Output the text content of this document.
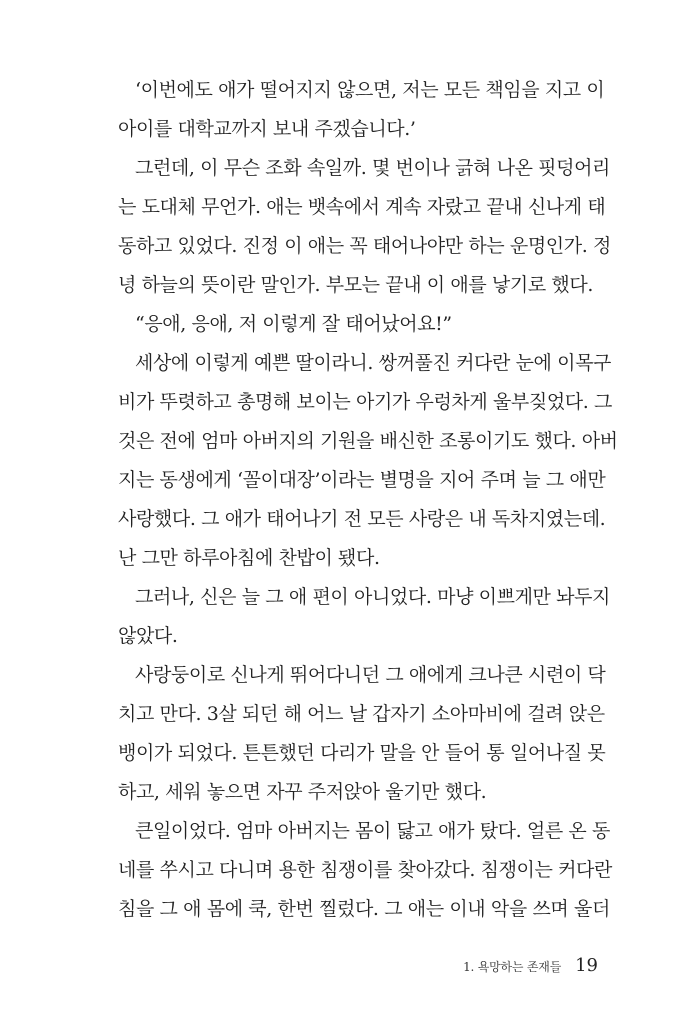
‘이번에도 애가 떨어지지 않으면, 저는 모든 책임을 지고 이
아이를 대학교까지 보내 주겠습니다.’
그런데, 이 무슨 조화 속일까. 몇 번이나 긁혀 나온 핏덩어리
는 도대체 무언가. 애는 뱃속에서 계속 자랐고 끝내 신나게 태
동하고 있었다. 진정 이 애는 꼭 태어나야만 하는 운명인가. 정
녕 하늘의 뜻이란 말인가. 부모는 끝내 이 애를 낳기로 했다.
“응애, 응애, 저 이렇게 잘 태어났어요!”
세상에 이렇게 예쁜 딸이라니. 쌍꺼풀진 커다란 눈에 이목구
비가 뚜렷하고 총명해 보이는 아기가 우렁차게 울부짖었다. 그
것은 전에 엄마 아버지의 기원을 배신한 조롱이기도 했다. 아버
지는 동생에게 ‘꼴이대장’이라는 별명을 지어 주며 늘 그 애만
사랑했다. 그 애가 태어나기 전 모든 사랑은 내 독차지였는데.
난 그만 하루아침에 찬밥이 됐다.
그러나, 신은 늘 그 애 편이 아니었다. 마냥 이쁘게만 놔두지
않았다.
사랑둥이로 신나게 뛰어다니던 그 애에게 크나큰 시련이 닥
치고 만다. 3살 되던 해 어느 날 갑자기 소아마비에 걸려 앉은
뱅이가 되었다. 튼튼했던 다리가 말을 안 들어 통 일어나질 못
하고, 세워 놓으면 자꾸 주저앉아 울기만 했다.
큰일이었다. 엄마 아버지는 몸이 닳고 애가 탔다. 얼른 온 동
네를 쑤시고 다니며 용한 침쟁이를 찾아갔다. 침쟁이는 커다란
침을 그 애 몸에 쿡, 한번 찔렀다. 그 애는 이내 악을 쓰며 울더
1. 욕망하는 존재들 19
